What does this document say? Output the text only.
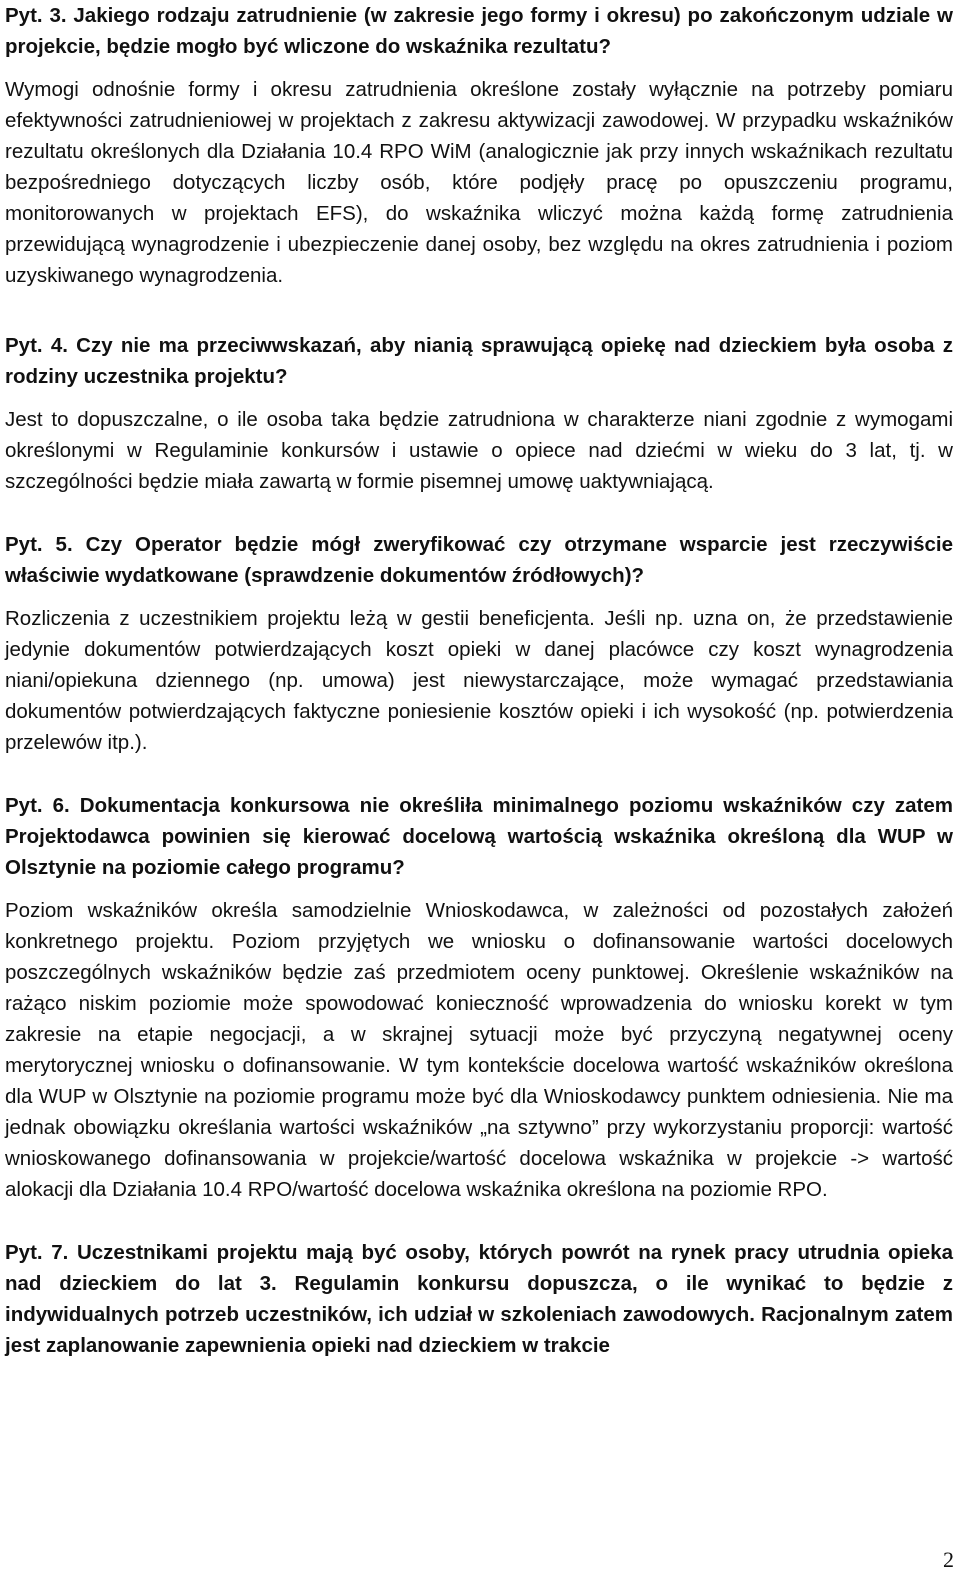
Pyt. 3. Jakiego rodzaju zatrudnienie (w zakresie jego formy i okresu) po zakończonym udziale w projekcie, będzie mogło być wliczone do wskaźnika rezultatu?

Wymogi odnośnie formy i okresu zatrudnienia określone zostały wyłącznie na potrzeby pomiaru efektywności zatrudnieniowej w projektach z zakresu aktywizacji zawodowej. W przypadku wskaźników rezultatu określonych dla Działania 10.4 RPO WiM (analogicznie jak przy innych wskaźnikach rezultatu bezpośredniego dotyczących liczby osób, które podjęły pracę po opuszczeniu programu, monitorowanych w projektach EFS), do wskaźnika wliczyć można każdą formę zatrudnienia przewidującą wynagrodzenie i ubezpieczenie danej osoby, bez względu na okres zatrudnienia i poziom uzyskiwanego wynagrodzenia.

Pyt. 4. Czy nie ma przeciwwskazań, aby nianią sprawującą opiekę nad dzieckiem była osoba z rodziny uczestnika projektu?

Jest to dopuszczalne, o ile osoba taka będzie zatrudniona w charakterze niani zgodnie z wymogami określonymi w Regulaminie konkursów i ustawie o opiece nad dziećmi w wieku do 3 lat, tj. w szczególności będzie miała zawartą w formie pisemnej umowę uaktywniającą.

Pyt. 5. Czy Operator będzie mógł zweryfikować czy otrzymane wsparcie jest rzeczywiście właściwie wydatkowane (sprawdzenie dokumentów źródłowych)?

Rozliczenia z uczestnikiem projektu leżą w gestii beneficjenta. Jeśli np. uzna on, że przedstawienie jedynie dokumentów potwierdzających koszt opieki w danej placówce czy koszt wynagrodzenia niani/opiekuna dziennego (np. umowa) jest niewystarczające, może wymagać przedstawiania dokumentów potwierdzających faktyczne poniesienie kosztów opieki i ich wysokość (np. potwierdzenia przelewów itp.).

Pyt. 6. Dokumentacja konkursowa nie określiła minimalnego poziomu wskaźników czy zatem Projektodawca powinien się kierować docelową wartością wskaźnika określoną dla WUP w Olsztynie na poziomie całego programu?

Poziom wskaźników określa samodzielnie Wnioskodawca, w zależności od pozostałych założeń konkretnego projektu. Poziom przyjętych we wniosku o dofinansowanie wartości docelowych poszczególnych wskaźników będzie zaś przedmiotem oceny punktowej. Określenie wskaźników na rażąco niskim poziomie może spowodować konieczność wprowadzenia do wniosku korekt w tym zakresie na etapie negocjacji, a w skrajnej sytuacji może być przyczyną negatywnej oceny merytorycznej wniosku o dofinansowanie. W tym kontekście docelowa wartość wskaźników określona dla WUP w Olsztynie na poziomie programu może być dla Wnioskodawcy punktem odniesienia. Nie ma jednak obowiązku określania wartości wskaźników „na sztywno” przy wykorzystaniu proporcji: wartość wnioskowanego dofinansowania w projekcie/wartość docelowa wskaźnika w projekcie -> wartość alokacji dla Działania 10.4 RPO/wartość docelowa wskaźnika określona na poziomie RPO.

Pyt. 7. Uczestnikami projektu mają być osoby, których powrót na rynek pracy utrudnia opieka nad dzieckiem do lat 3. Regulamin konkursu dopuszcza, o ile wynikać to będzie z indywidualnych potrzeb uczestników, ich udział w szkoleniach zawodowych. Racjonalnym zatem jest zaplanowanie zapewnienia opieki nad dzieckiem w trakcie

2
